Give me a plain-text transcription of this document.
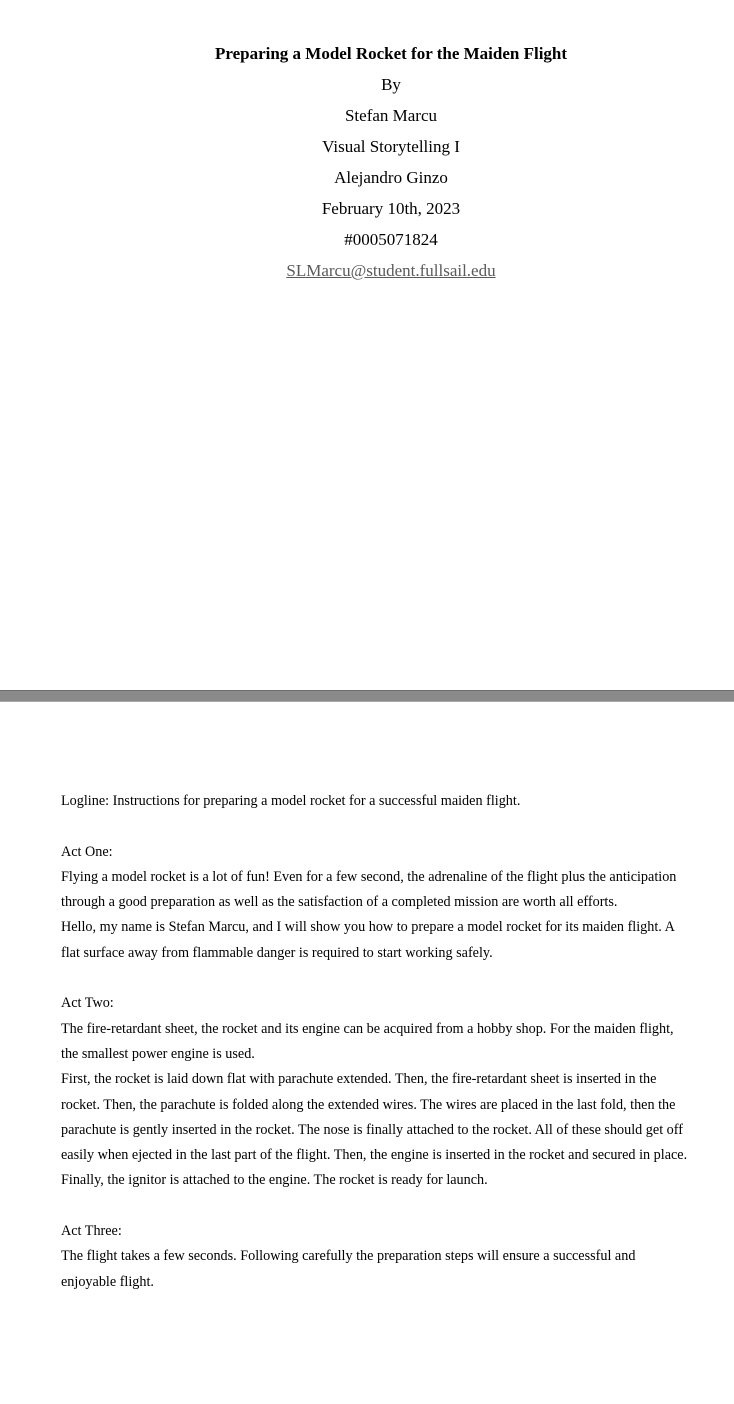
Preparing a Model Rocket for the Maiden Flight
By
Stefan Marcu
Visual Storytelling I
Alejandro Ginzo
February 10th, 2023
#0005071824
SLMarcu@student.fullsail.edu

Logline: Instructions for preparing a model rocket for a successful maiden flight.

Act One:

Flying a model rocket is a lot of fun! Even for a few second, the adrenaline of the flight plus the anticipation through a good preparation as well as the satisfaction of a completed mission are worth all efforts.

Hello, my name is Stefan Marcu, and I will show you how to prepare a model rocket for its maiden flight. A flat surface away from flammable danger is required to start working safely.

Act Two:

The fire-retardant sheet, the rocket and its engine can be acquired from a hobby shop. For the maiden flight, the smallest power engine is used.

First, the rocket is laid down flat with parachute extended. Then, the fire-retardant sheet is inserted in the rocket. Then, the parachute is folded along the extended wires. The wires are placed in the last fold, then the parachute is gently inserted in the rocket. The nose is finally attached to the rocket. All of these should get off easily when ejected in the last part of the flight. Then, the engine is inserted in the rocket and secured in place. Finally, the ignitor is attached to the engine. The rocket is ready for launch.

Act Three:

The flight takes a few seconds. Following carefully the preparation steps will ensure a successful and enjoyable flight.
